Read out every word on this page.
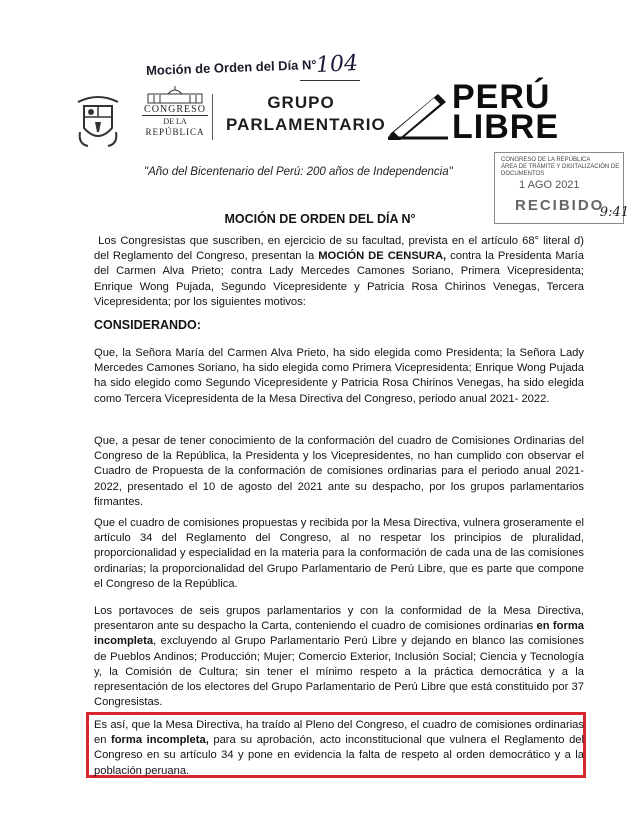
Moción de Orden del Día N°
104
CONGRESO
DE LA
REPÚBLICA
GRUPO
PARLAMENTARIO
PERÚ
LIBRE
"Año del Bicentenario del Perú: 200 años de Independencia"
CONGRESO DE LA REPÚBLICA
ÁREA DE TRÁMITE Y DIGITALIZACIÓN DE DOCUMENTOS
1 AGO 2021
RECIBIDO
9:41
MOCIÓN DE ORDEN DEL DÍA N°

Los Congresistas que suscriben, en ejercicio de su facultad, prevista en el artículo 68° literal d) del Reglamento del Congreso, presentan la MOCIÓN DE CENSURA, contra la Presidenta María del Carmen Alva Prieto; contra Lady Mercedes Camones Soriano, Primera Vicepresidenta; Enrique Wong Pujada, Segundo Vicepresidente y Patricia Rosa Chirinos Venegas, Tercera Vicepresidenta; por los siguientes motivos:

CONSIDERANDO:

Que, la Señora María del Carmen Alva Prieto, ha sido elegida como Presidenta; la Señora Lady Mercedes Camones Soriano, ha sido elegida como Primera Vicepresidenta; Enrique Wong Pujada ha sido elegido como Segundo Vicepresidente y Patricia Rosa Chirinos Venegas, ha sido elegida como Tercera Vicepresidenta de la Mesa Directiva del Congreso, periodo anual 2021- 2022.

Que, a pesar de tener conocimiento de la conformación del cuadro de Comisiones Ordinarias del Congreso de la República, la Presidenta y los Vicepresidentes, no han cumplido con observar el Cuadro de Propuesta de la conformación de comisiones ordinarias para el periodo anual 2021-2022, presentado el 10 de agosto del 2021 ante su despacho, por los grupos parlamentarios firmantes.

Que el cuadro de comisiones propuestas y recibida por la Mesa Directiva, vulnera groseramente el artículo 34 del Reglamento del Congreso, al no respetar los principios de pluralidad, proporcionalidad y especialidad en la materia para la conformación de cada una de las comisiones ordinarias; la proporcionalidad del Grupo Parlamentario de Perú Libre, que es parte que compone el Congreso de la República.

Los portavoces de seis grupos parlamentarios y con la conformidad de la Mesa Directiva, presentaron ante su despacho la Carta, conteniendo el cuadro de comisiones ordinarias en forma incompleta, excluyendo al Grupo Parlamentario Perú Libre y dejando en blanco las comisiones de Pueblos Andinos; Producción; Mujer; Comercio Exterior, Inclusión Social; Ciencia y Tecnología y, la Comisión de Cultura; sin tener el mínimo respeto a la práctica democrática y a la representación de los electores del Grupo Parlamentario de Perú Libre que está constituido por 37 Congresistas.

Es así, que la Mesa Directiva, ha traído al Pleno del Congreso, el cuadro de comisiones ordinarias en forma incompleta, para su aprobación, acto inconstitucional que vulnera el Reglamento del Congreso en su artículo 34 y pone en evidencia la falta de respeto al orden democrático y a la población peruana.
